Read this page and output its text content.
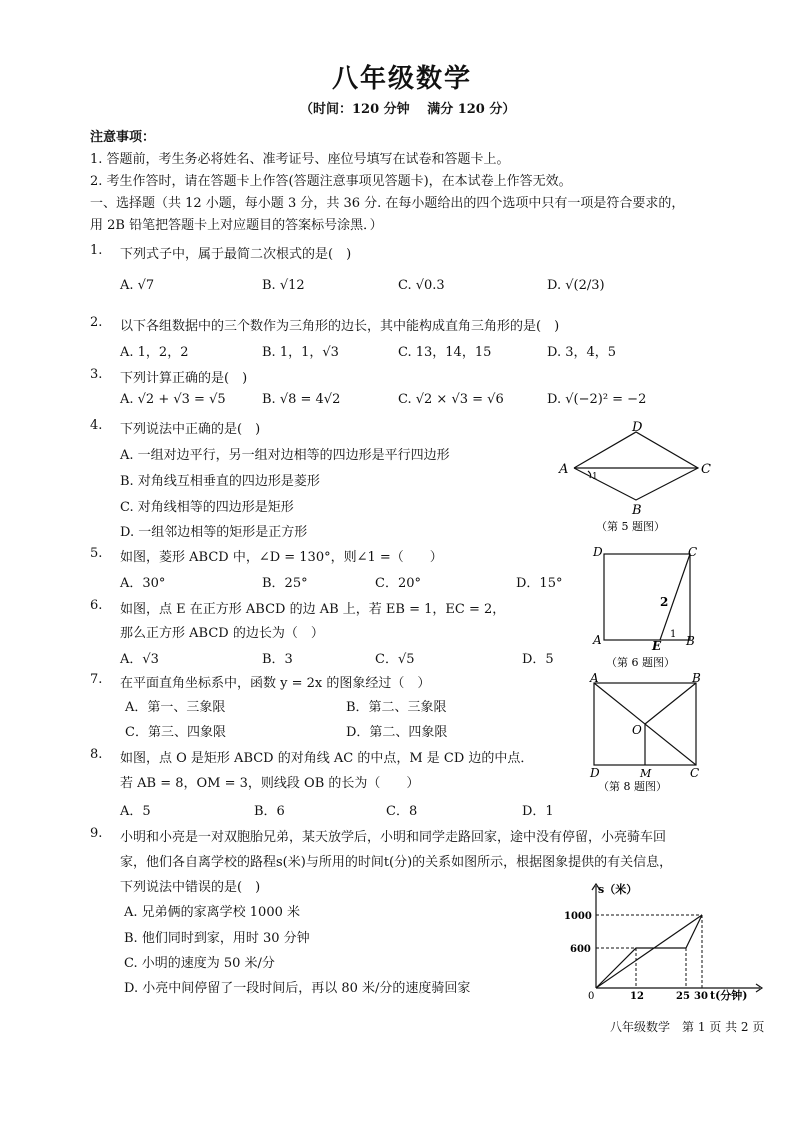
八年级数学
（时间：120 分钟　 满分 120 分）
注意事项：
1. 答题前，考生务必将姓名、准考证号、座位号填写在试卷和答题卡上。
2. 考生作答时，请在答题卡上作答(答题注意事项见答题卡)，在本试卷上作答无效。
一、选择题（共 12 小题，每小题 3 分，共 36 分. 在每小题给出的四个选项中只有一项是符合要求的，
用 2B 铅笔把答题卡上对应题目的答案标号涂黑．）
1. 下列式子中，属于最简二次根式的是(　)
A. √7	B. √12	C. √0.3	D. √(2/3)
2. 以下各组数据中的三个数作为三角形的边长，其中能构成直角三角形的是(　)
A. 1，2，2	B. 1，1，√3	C. 13，14，15	D. 3，4，5
3. 下列计算正确的是(　)
A. √2 + √3 = √5	B. √8 = 4√2	C. √2 × √3 = √6	D. √(−2)² = −2
4. 下列说法中正确的是(　)
A. 一组对边平行，另一组对边相等的四边形是平行四边形
B. 对角线互相垂直的四边形是菱形
C. 对角线相等的四边形是矩形
D. 一组邻边相等的矩形是正方形
D
A	C
B
1
（第 5 题图）
5. 如图，菱形 ABCD 中，∠D = 130°，则∠1 =（　　）
A．30°	B．25°	C．20°	D．15°
D	C
A	B
E
2
1
（第 6 题图）
6. 如图，点 E 在正方形 ABCD 的边 AB 上，若 EB = 1，EC = 2，
那么正方形 ABCD 的边长为（　）
A．√3	B．3	C．√5	D．5
7. 在平面直角坐标系中，函数 y = 2x 的图象经过（　）
A．第一、三象限	B．第二、三象限
C．第三、四象限	D．第二、四象限
A	B
D	C
M
O
（第 8 题图）
8. 如图，点 O 是矩形 ABCD 的对角线 AC 的中点，M 是 CD 边的中点．
若 AB = 8，OM = 3，则线段 OB 的长为（　　）
A．5	B．6	C．8	D．1
9. 小明和小亮是一对双胞胎兄弟，某天放学后，小明和同学走路回家，途中没有停留，小亮骑车回
家，他们各自离学校的路程s(米)与所用的时间t(分)的关系如图所示，根据图象提供的有关信息，
下列说法中错误的是(　)
A. 兄弟俩的家离学校 1000 米
B. 他们同时到家，用时 30 分钟
C. 小明的速度为 50 米/分
D. 小亮中间停留了一段时间后，再以 80 米/分的速度骑回家
s（米）
t(分钟)
0
1000
600
12	25 30
八年级数学　第 1 页 共 2 页
